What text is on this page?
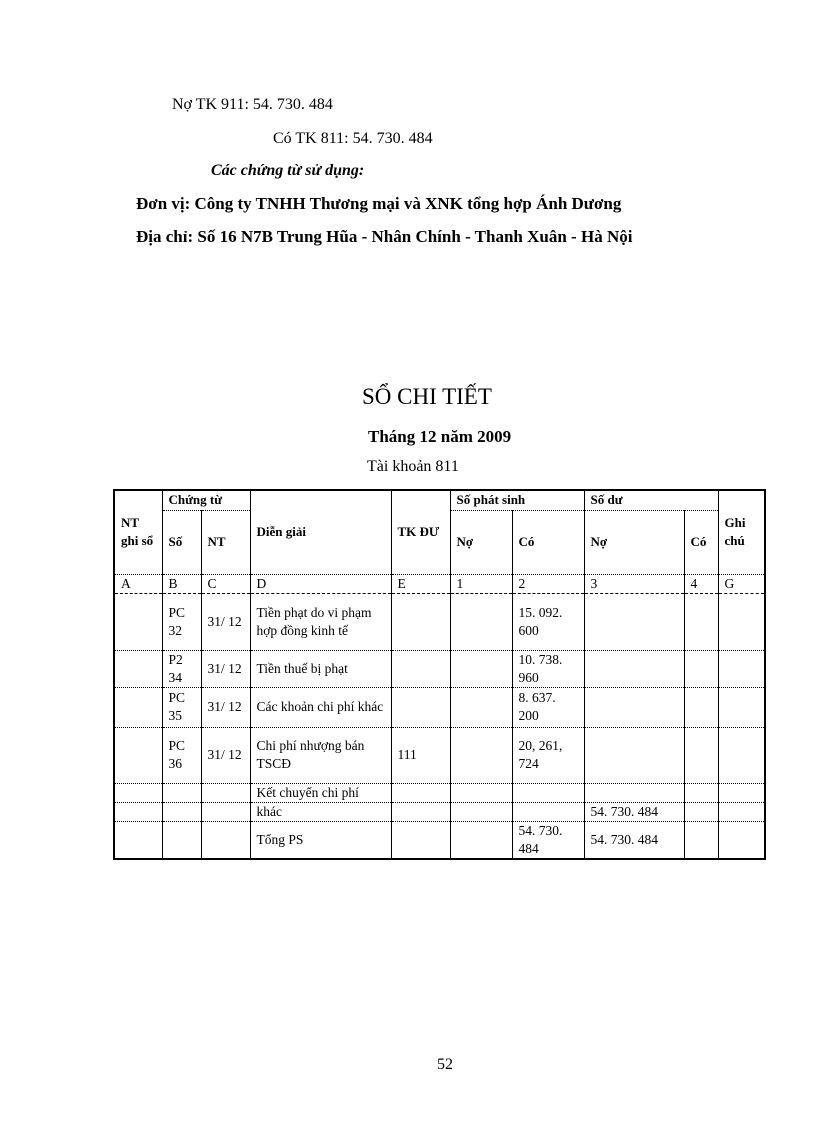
Nợ TK 911: 54. 730. 484
Có TK 811: 54. 730. 484
Các chứng từ sử dụng:
Đơn vị: Công ty TNHH Thương mại và XNK tổng hợp Ánh Dương
Địa chỉ: Số 16 N7B Trung Hũa - Nhân Chính - Thanh Xuân - Hà Nội
SỔ CHI TIẾT
Tháng 12 năm 2009
Tài khoản 811
NT ghi sổ	Chứng từ		Diễn giải	TK ĐƯ	Số phát sinh		Số dư		Ghi chú
	Số	NT			Nợ	Có	Nợ	Có	
A	B	C	D	E	1	2	3	4	G
	PC 32	31/ 12	Tiền phạt do vi phạm hợp đồng kinh tế			15. 092. 600			
	P2 34	31/ 12	Tiền thuế bị phạt			10. 738. 960			
	PC 35	31/ 12	Các khoản chi phí khác			8. 637. 200			
	PC 36	31/ 12	Chi phí nhượng bán TSCĐ	111		20, 261, 724			
			Kết chuyển chi phí						
			khác				54. 730. 484		
			Tổng PS			54. 730. 484	54. 730. 484		
52
